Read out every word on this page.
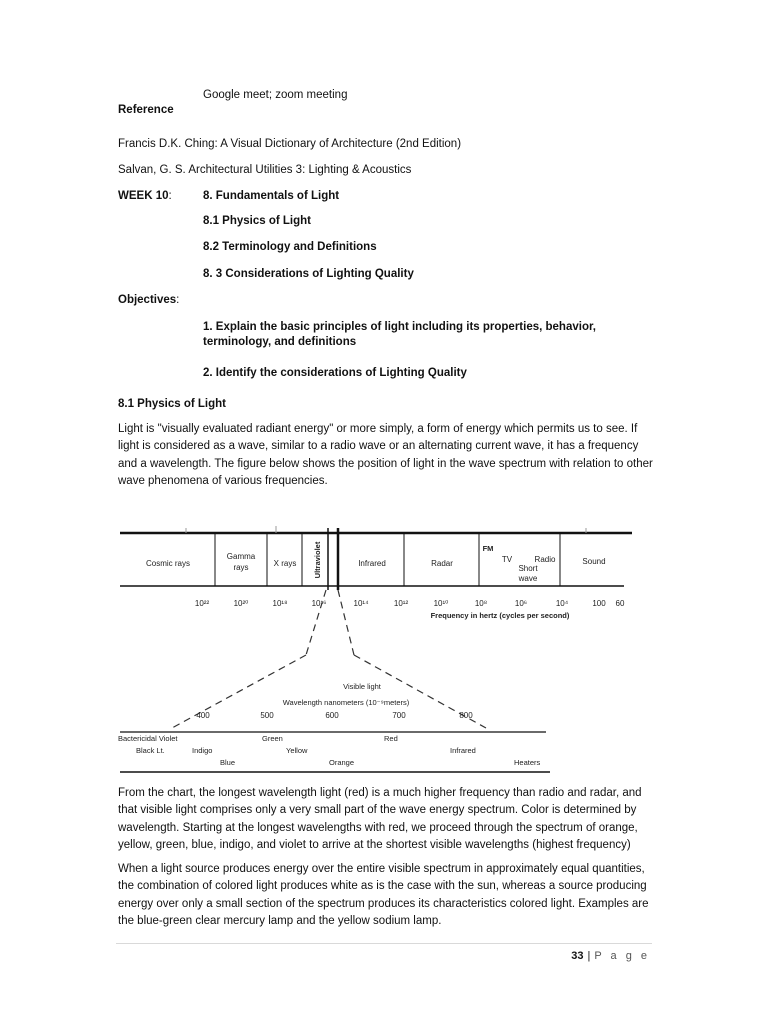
Google meet; zoom meeting
Reference
Francis D.K. Ching: A Visual Dictionary of Architecture (2nd Edition)
Salvan, G. S. Architectural Utilities 3: Lighting & Acoustics
WEEK 10:	8. Fundamentals of Light
8.1 Physics of Light
8.2 Terminology and Definitions
8. 3 Considerations of Lighting Quality
Objectives:
1. Explain the basic principles of light including its properties, behavior, terminology, and definitions
2. Identify the considerations of Lighting Quality
8.1 Physics of Light
Light is "visually evaluated radiant energy" or more simply, a form of energy which permits us to see. If light is considered as a wave, similar to a radio wave or an alternating current wave, it has a frequency and a wavelength. The figure below shows the position of light in the wave spectrum with relation to other wave phenomena of various frequencies.
Cosmic rays
Gamma
rays	X rays Ultraviolet	Infrared	Radar
FM
TV	Radio
Short
wave
Sound
10²²	10²⁰	10¹⁸	10¹⁶	10¹⁴	10¹²	10¹⁰	10⁸	10⁶	10⁴	100 60
Frequency in hertz (cycles per second)
Visible light
Wavelength nanometers (10⁻⁹meters)
400	500	600	700	800
Bactericidal Violet	Green	Red
Black Lt.	Indigo	Yellow	Infrared
Blue	Orange	Heaters
From the chart, the longest wavelength light (red) is a much higher frequency than radio and radar, and that visible light comprises only a very small part of the wave energy spectrum. Color is determined by wavelength. Starting at the longest wavelengths with red, we proceed through the spectrum of orange, yellow, green, blue, indigo, and violet to arrive at the shortest visible wavelengths (highest frequency)
When a light source produces energy over the entire visible spectrum in approximately equal quantities, the combination of colored light produces white as is the case with the sun, whereas a source producing energy over only a small section of the spectrum produces its characteristics colored light. Examples are the blue-green clear mercury lamp and the yellow sodium lamp.
33 | P a g e
